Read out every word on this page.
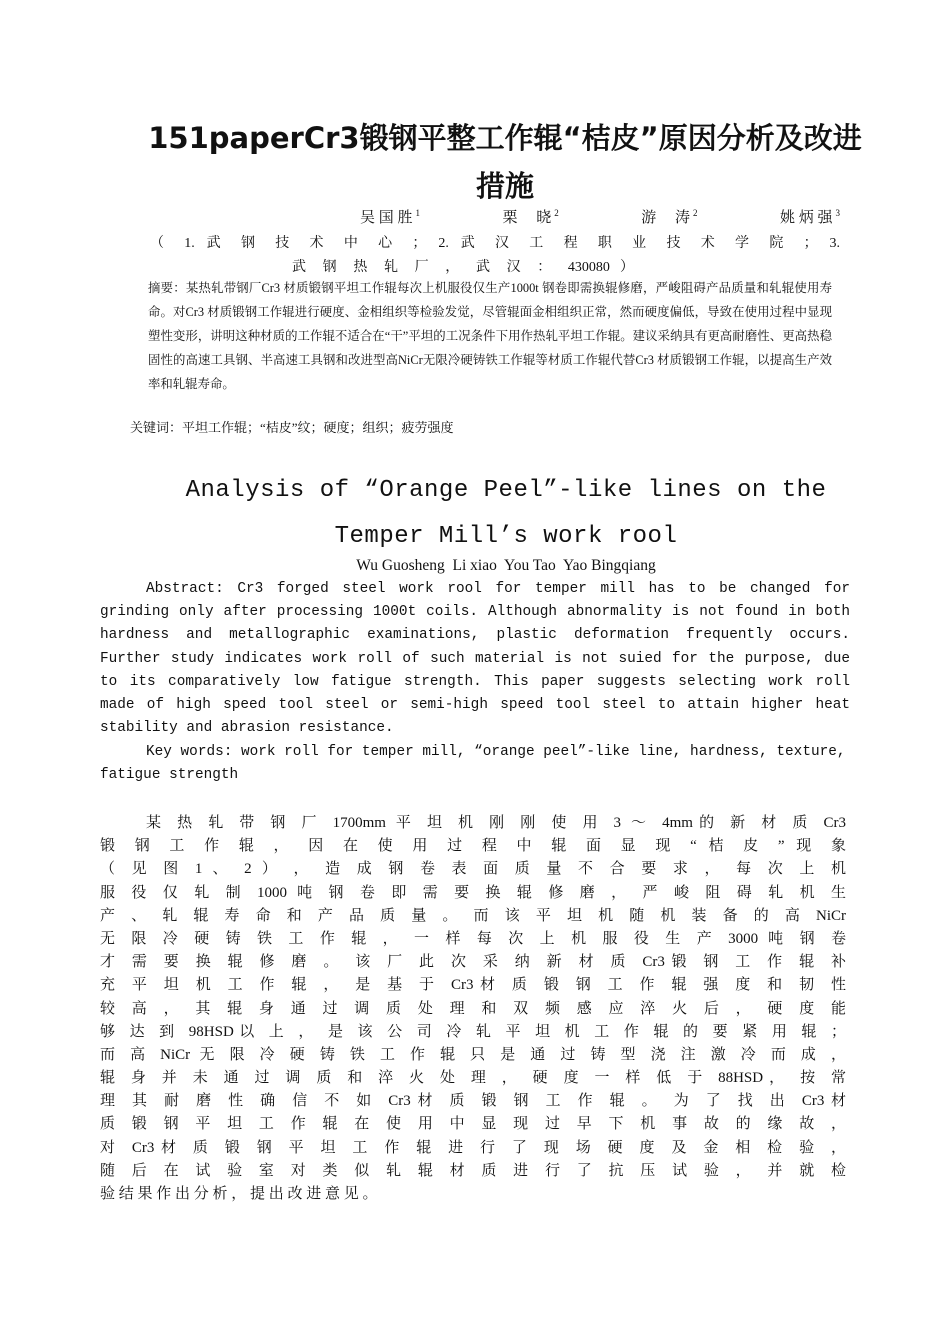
151paperCr3锻钢平整工作辊“桔皮”原因分析及改进措施
吴 国 胜 $^1$	栗     晓 $^2$	游     涛 $^2$	姚 炳 强 $^3$
（ 1. 武 钢 技 术 中 心 ； 2. 武 汉 工 程 职 业 技 术 学 院 ； 3.
武 钢 热 轧 厂 ， 武 汉 ： 430080 ）
摘要：某热轧带钢厂Cr3 材质锻钢平坦工作辊每次上机服役仅生产1000t 钢卷即需换辊修磨，严峻阻碍产品质量和轧辊使用寿命。对Cr3 材质锻钢工作辊进行硬度、金相组织等检验发觉，尽管辊面金相组织正常，然而硬度偏低，导致在使用过程中显现塑性变形，讲明这种材质的工作辊不适合在“干”平坦的工况条件下用作热轧平坦工作辊。建议采纳具有更高耐磨性、更高热稳固性的高速工具钢、半高速工具钢和改进型高NiCr无限冷硬铸铁工作辊等材质工作辊代替Cr3 材质锻钢工作辊，以提高生产效率和轧辊寿命。
关键词：平坦工作辊；“桔皮”纹；硬度；组织；疲劳强度
Analysis of “Orange Peel”-like lines on the Temper Mill’s work rool
Wu Guosheng  Li xiao  You Tao  Yao Bingqiang
Abstract: Cr3 forged steel work rool for temper mill has to be changed for grinding only after processing 1000t coils. Although abnormality is not found in both hardness and metallographic examinations, plastic deformation frequently occurs. Further study indicates work roll of such material is not suied for the purpose, due to its comparatively low fatigue strength. This paper suggests selecting work roll made of high speed tool steel or semi-high speed tool steel to attain higher heat stability and abrasion resistance.
Key words: work roll for temper mill, “orange peel”-like line, hardness, texture, fatigue strength
某 热 轧 带 钢 厂 1700mm 平 坦 机 刚 刚 使 用 3 ～ 4mm的 新 材 质 Cr3
锻 钢 工 作 辊 ， 因 在 使 用 过 程 中 辊 面 显 现 “ 桔 皮 ” 现 象
（ 见 图 1 、 2 ） ， 造 成 钢 卷 表 面 质 量 不 合 要 求 ， 每 次 上 机
服 役 仅 轧 制 1000 吨 钢 卷 即 需 要 换 辊 修 磨 ， 严 峻 阻 碍 轧 机 生
产 、 轧 辊 寿 命 和 产 品 质 量 。 而 该 平 坦 机 随 机 装 备 的 高 NiCr
无 限 冷 硬 铸 铁 工 作 辊 ， 一 样 每 次 上 机 服 役 生 产 3000 吨 钢 卷
才 需 要 换 辊 修 磨 。 该 厂 此 次 采 纳 新 材 质 Cr3锻 钢 工 作 辊 补
充 平 坦 机 工 作 辊 ， 是 基 于 Cr3材 质 锻 钢 工 作 辊 强 度 和 韧 性
较 高 ， 其 辊 身 通 过 调 质 处 理 和 双 频 感 应 淬 火 后 ， 硬 度 能
够 达 到 98HSD以 上 ， 是 该 公 司 冷 轧 平 坦 机 工 作 辊 的 要 紧 用 辊 ；
而 高 NiCr 无 限 冷 硬 铸 铁 工 作 辊 只 是 通 过 铸 型 浇 注 激 冷 而 成 ，
辊 身 并 未 通 过 调 质 和 淬 火 处 理 ， 硬 度 一 样 低 于 88HSD， 按 常
理 其 耐 磨 性 确 信 不 如 Cr3材 质 锻 钢 工 作 辊 。 为 了 找 出 Cr3材
质 锻 钢 平 坦 工 作 辊 在 使 用 中 显 现 过 早 下 机 事 故 的 缘 故 ，
对 Cr3材 质 锻 钢 平 坦 工 作 辊 进 行 了 现 场 硬 度 及 金 相 检 验 ，
随 后 在 试 验 室 对 类 似 轧 辊 材 质 进 行 了 抗 压 试 验 ， 并 就 检
验 结 果 作 出 分 析 ， 提 出 改 进 意 见 。
